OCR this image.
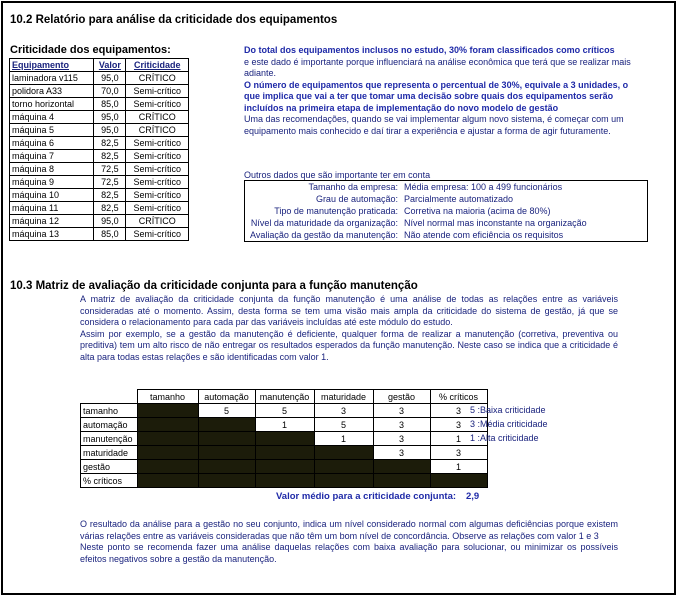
10.2 Relatório para análise da criticidade dos equipamentos
Criticidade dos equipamentos:
Equipamento	Valor	Criticidade
laminadora v115	95,0	CRÍTICO
polidora A33	70,0	Semi-crítico
torno horizontal	85,0	Semi-crítico
máquina 4	95,0	CRÍTICO
máquina 5	95,0	CRÍTICO
máquina 6	82,5	Semi-crítico
máquina 7	82,5	Semi-crítico
máquina 8	72,5	Semi-crítico
máquina 9	72,5	Semi-crítico
máquina 10	82,5	Semi-crítico
máquina 11	82,5	Semi-crítico
máquina 12	95,0	CRÍTICO
máquina 13	85,0	Semi-crítico
Do total dos equipamentos inclusos no estudo, 30% foram classificados como críticos
e este dado é importante porque influenciará na análise econômica que terá que se realizar mais adiante.
O número de equipamentos que representa o percentual de 30%, equivale a 3 unidades, o que implica que vai a ter que tomar uma decisão sobre quais dos equipamentos serão incluídos na primeira etapa de implementação do novo modelo de gestão
Uma das recomendações, quando se vai implementar algum novo sistema, é começar com um equipamento mais conhecido e daí tirar a experiência e ajustar a forma de agir futuramente.
Outros dados que são importante ter em conta
Tamanho da empresa:	Média empresa: 100 a 499 funcionários
Grau de automação:	Parcialmente automatizado
Tipo de manutenção praticada:	Corretiva na maioria (acima de 80%)
Nível da maturidade da organização:	Nível normal mas inconstante na organização
Avaliação da gestão da manutenção:	Não atende com eficiência os requisitos
10.3 Matriz de avaliação da criticidade conjunta para a função manutenção
A matriz de avaliação da criticidade conjunta da função manutenção é uma análise de todas as relações entre as variáveis consideradas até o momento. Assim, desta forma se tem uma visão mais ampla da criticidade do sistema de gestão, já que se considera o relacionamento para cada par das variáveis incluídas até este módulo do estudo.
Assim por exemplo, se a gestão da manutenção é deficiente, qualquer forma de realizar a manutenção (corretiva, preventiva ou preditiva) tem um alto risco de não entregar os resultados esperados da função manutenção. Neste caso se indica que a criticidade é alta para todas estas relações e são identificadas com valor 1.
	tamanho	automação	manutenção	maturidade	gestão	% críticos
tamanho		5	5	3	3	3
automação			1	5	3	3
manutenção				1	3	1
maturidade					3	3
gestão						1
% críticos						
5 :Baixa criticidade
3 :Média criticidade
1 :Alta criticidade
Valor médio para a criticidade conjunta: 2,9
O resultado da análise para a gestão no seu conjunto, indica um nível considerado normal com algumas deficiências porque existem várias relações entre as variáveis consideradas que não têm um bom nível de concordância. Observe as relações com valor 1 e 3
Neste ponto se recomenda fazer uma análise daquelas relações com baixa avaliação para solucionar, ou minimizar os possíveis efeitos negativos sobre a gestão da manutenção.
